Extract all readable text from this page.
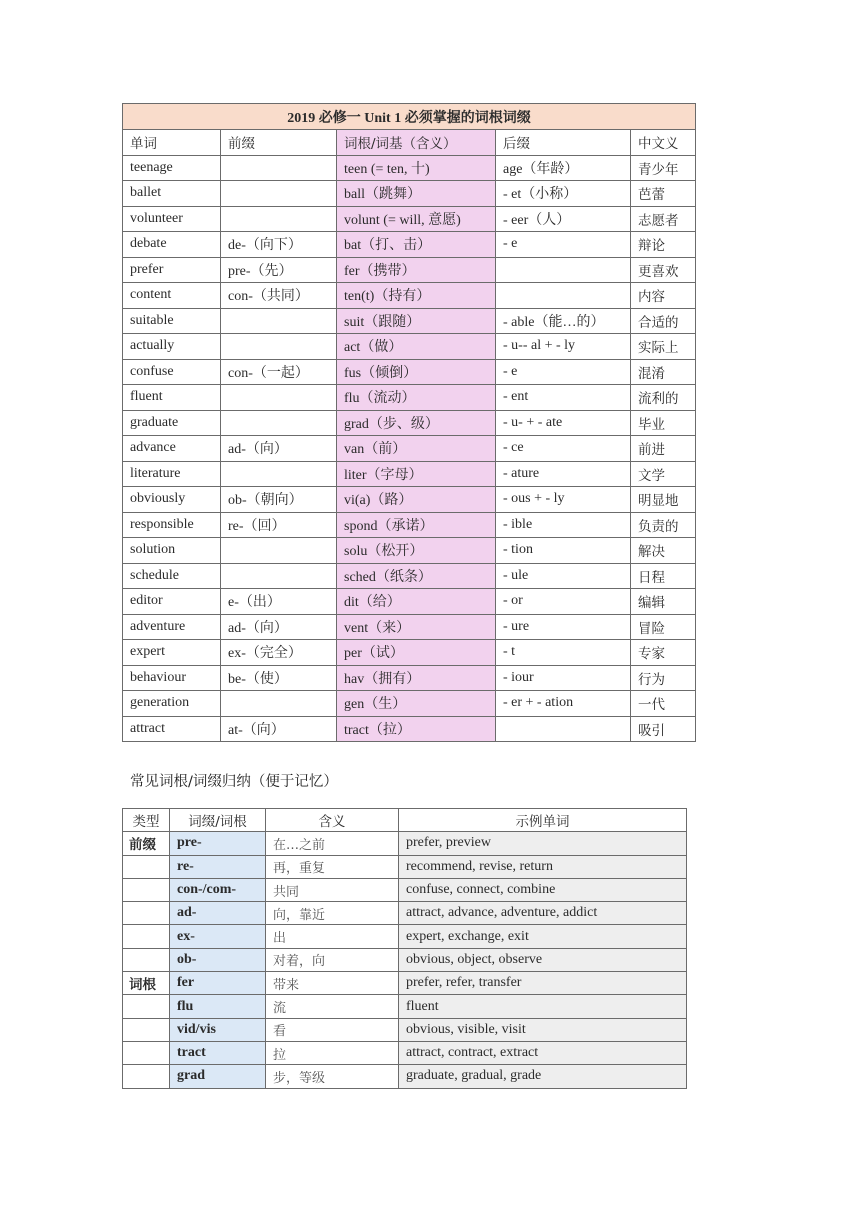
2019 必修一 Unit 1 必须掌握的词根词缀				
单词	前缀	词根/词基（含义）	后缀	中文义
teenage		teen (= ten, 十)	age（年龄）	青少年
ballet		ball（跳舞）	- et（小称）	芭蕾
volunteer		volunt (= will, 意愿)	- eer（人）	志愿者
debate	de-（向下）	bat（打、击）	- e	辩论
prefer	pre-（先）	fer（携带）		更喜欢
content	con-（共同）	ten(t)（持有）		内容
suitable		suit（跟随）	- able（能…的）	合适的
actually		act（做）	- u-- al + - ly	实际上
confuse	con-（一起）	fus（倾倒）	- e	混淆
fluent		flu（流动）	- ent	流利的
graduate		grad（步、级）	- u- + - ate	毕业
advance	ad-（向）	van（前）	- ce	前进
literature		liter（字母）	- ature	文学
obviously	ob-（朝向）	vi(a)（路）	- ous + - ly	明显地
responsible	re-（回）	spond（承诺）	- ible	负责的
solution		solu（松开）	- tion	解决
schedule		sched（纸条）	- ule	日程
editor	e-（出）	dit（给）	- or	编辑
adventure	ad-（向）	vent（来）	- ure	冒险
expert	ex-（完全）	per（试）	- t	专家
behaviour	be-（使）	hav（拥有）	- iour	行为
generation		gen（生）	- er + - ation	一代
attract	at-（向）	tract（拉）		吸引
常见词根/词缀归纳（便于记忆）
类型	词缀/词根	含义	示例单词
前缀	pre-	在…之前	prefer, preview
	re-	再，重复	recommend, revise, return
	con-/com-	共同	confuse, connect, combine
	ad-	向，靠近	attract, advance, adventure, addict
	ex-	出	expert, exchange, exit
	ob-	对着，向	obvious, object, observe
词根	fer	带来	prefer, refer, transfer
	flu	流	fluent
	vid/vis	看	obvious, visible, visit
	tract	拉	attract, contract, extract
	grad	步，等级	graduate, gradual, grade
